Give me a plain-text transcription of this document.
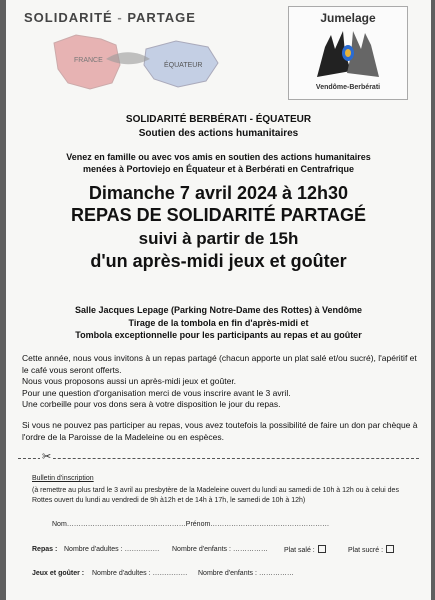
SOLIDARITÉ - PARTAGE
FRANCE
ÉQUATEUR
Jumelage
Vendôme-Berbérati
SOLIDARITÉ BERBÉRATI - ÉQUATEUR
Soutien des actions humanitaires
Venez en famille ou avec vos amis en soutien des actions humanitaires
menées à Portoviejo en Équateur et à Berbérati en Centrafrique
Dimanche 7 avril 2024 à 12h30
REPAS DE SOLIDARITÉ PARTAGÉ
suivi à partir de 15h
d'un après-midi jeux et goûter
Salle Jacques Lepage (Parking Notre-Dame des Rottes) à Vendôme
Tirage de la tombola en fin d'après-midi et
Tombola exceptionnelle pour les participants au repas et au goûter

Cette année, nous vous invitons à un repas partagé (chacun apporte un plat salé et/ou sucré), l'apéritif et le café vous seront offerts.

Nous vous proposons aussi un après-midi jeux et goûter.

Pour une question d'organisation merci de vous inscrire avant le 3 avril.

Une corbeille pour vos dons sera à votre disposition le jour du repas.

Si vous ne pouvez pas participer au repas, vous avez toutefois la possibilité de faire un don par chèque à l'ordre de la Paroisse de la Madeleine ou en espèces.

✂
Bulletin d'inscription
(à remettre au plus tard le 3 avril au presbytère de la Madeleine ouvert du lundi au samedi de 10h à 12h ou à celui des Rottes ouvert du lundi au vendredi de 9h à12h et de 14h à 17h, le samedi de 10h à 12h)
Nom……………………………………………Prénom……………………………………………
Repas : Nombre d'adultes : …………… Nombre d'enfants : …………… Plat salé :	Plat sucré :
Jeux et goûter : Nombre d'adultes : …………… Nombre d'enfants : ……………
